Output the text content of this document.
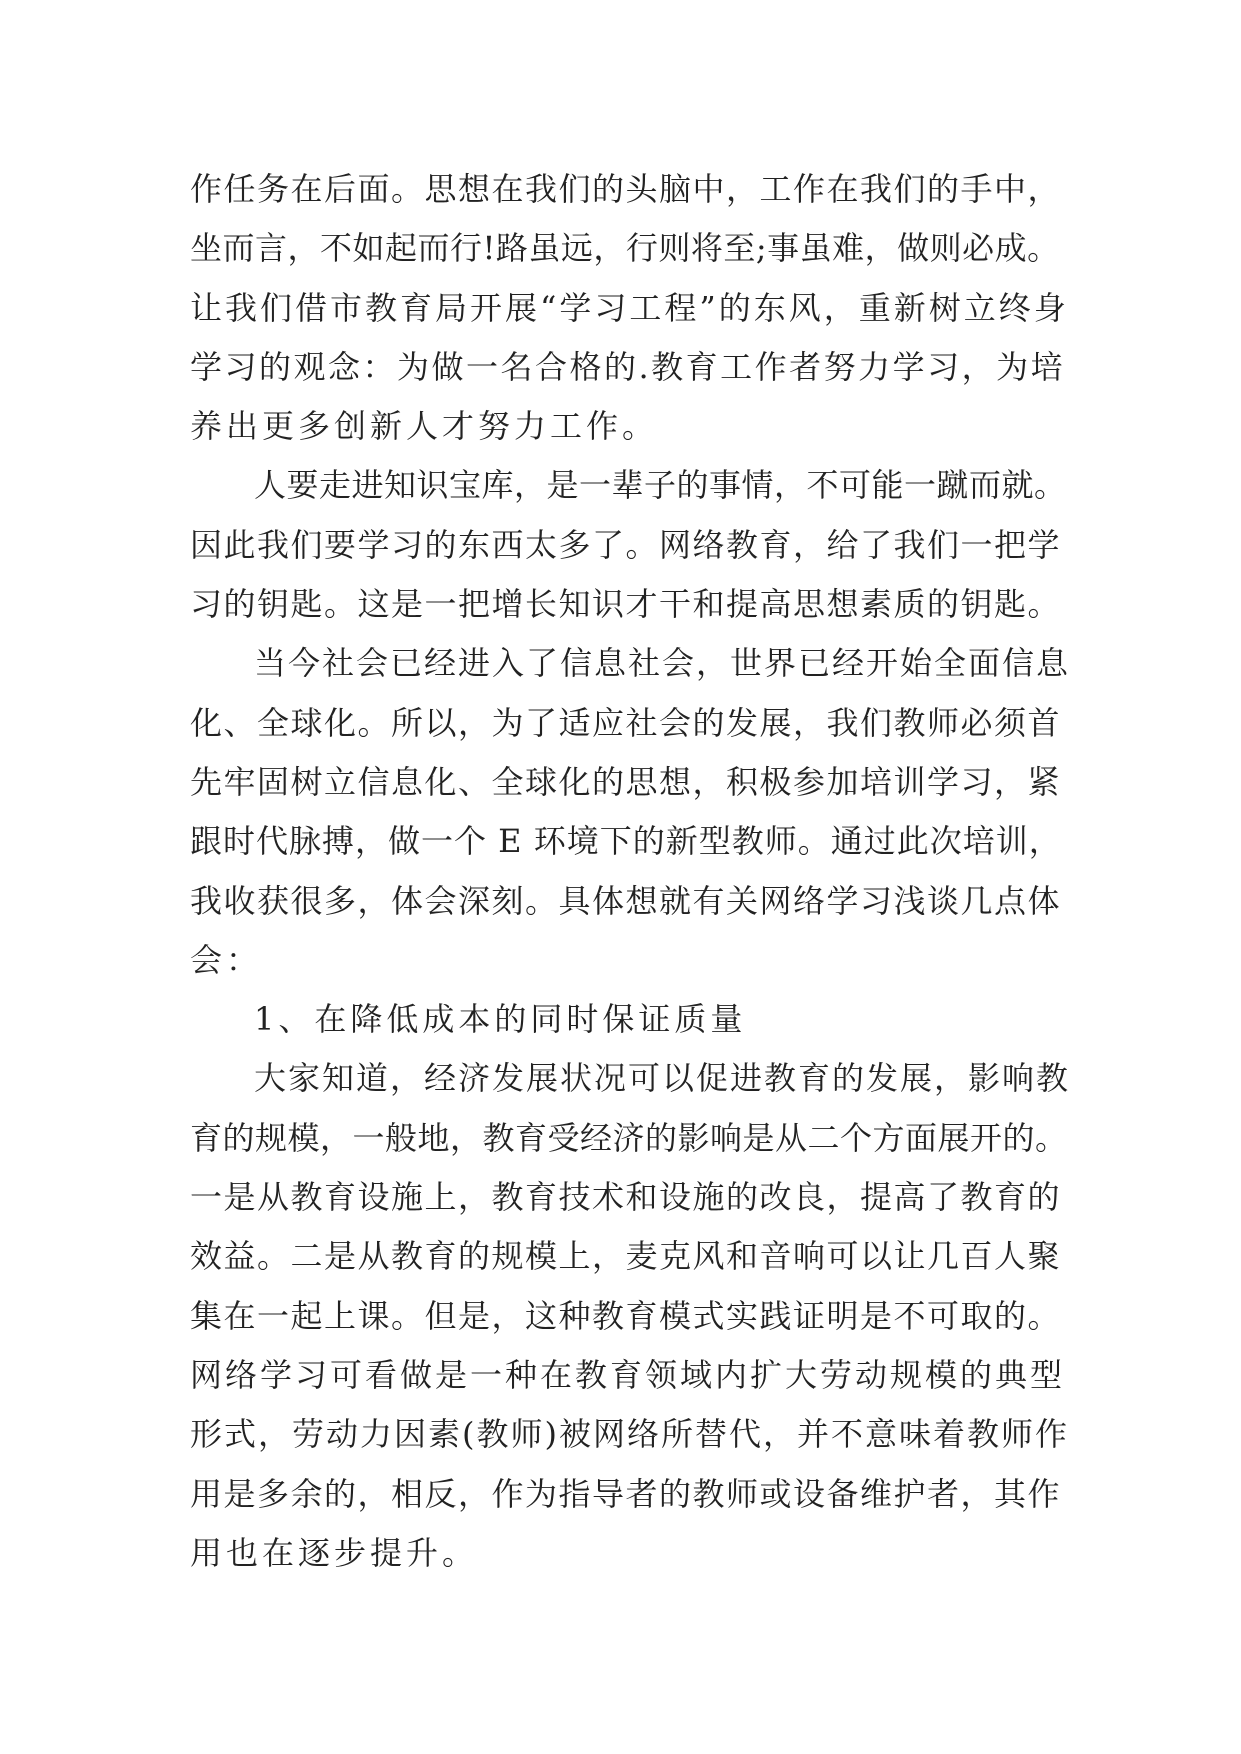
作任务在后面。思想在我们的头脑中，工作在我们的手中，
坐而言，不如起而行!路虽远，行则将至;事虽难，做则必成。
让我们借市教育局开展“学习工程”的东风，重新树立终身
学习的观念：为做一名合格的.教育工作者努力学习，为培
养出更多创新人才努力工作。
人要走进知识宝库，是一辈子的事情，不可能一蹴而就。
因此我们要学习的东西太多了。网络教育，给了我们一把学
习的钥匙。这是一把增长知识才干和提高思想素质的钥匙。
当今社会已经进入了信息社会，世界已经开始全面信息
化、全球化。所以，为了适应社会的发展，我们教师必须首
先牢固树立信息化、全球化的思想，积极参加培训学习，紧
跟时代脉搏，做一个 E 环境下的新型教师。通过此次培训，
我收获很多，体会深刻。具体想就有关网络学习浅谈几点体
会：
1、在降低成本的同时保证质量
大家知道，经济发展状况可以促进教育的发展，影响教
育的规模，一般地，教育受经济的影响是从二个方面展开的。
一是从教育设施上，教育技术和设施的改良，提高了教育的
效益。二是从教育的规模上，麦克风和音响可以让几百人聚
集在一起上课。但是，这种教育模式实践证明是不可取的。
网络学习可看做是一种在教育领域内扩大劳动规模的典型
形式，劳动力因素(教师)被网络所替代，并不意味着教师作
用是多余的，相反，作为指导者的教师或设备维护者，其作
用也在逐步提升。
